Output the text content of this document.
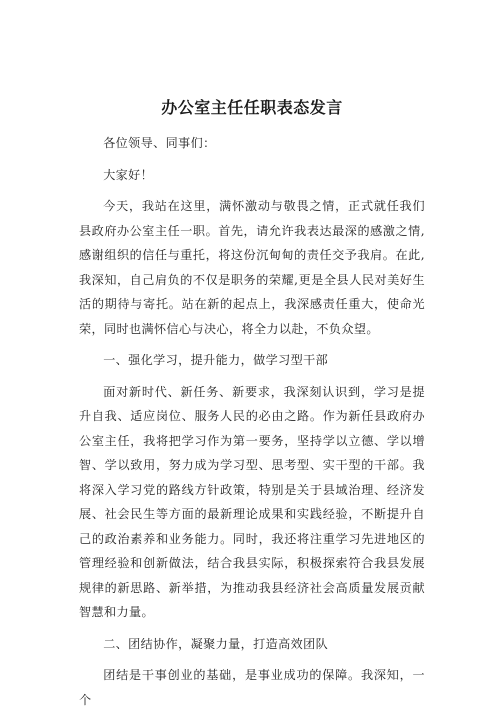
办公室主任任职表态发言

各位领导、同事们：

大家好！

今天，我站在这里，满怀激动与敬畏之情，正式就任我们县政府办公室主任一职。首先，请允许我表达最深的感激之情,感谢组织的信任与重托，将这份沉甸甸的责任交予我肩。在此,我深知，自己肩负的不仅是职务的荣耀,更是全县人民对美好生活的期待与寄托。站在新的起点上，我深感责任重大，使命光荣，同时也满怀信心与决心，将全力以赴，不负众望。

一、强化学习，提升能力，做学习型干部

面对新时代、新任务、新要求，我深刻认识到，学习是提升自我、适应岗位、服务人民的必由之路。作为新任县政府办公室主任，我将把学习作为第一要务，坚持学以立德、学以增智、学以致用，努力成为学习型、思考型、实干型的干部。我将深入学习党的路线方针政策，特别是关于县域治理、经济发展、社会民生等方面的最新理论成果和实践经验，不断提升自己的政治素养和业务能力。同时，我还将注重学习先进地区的管理经验和创新做法，结合我县实际，积极探索符合我县发展规律的新思路、新举措，为推动我县经济社会高质量发展贡献智慧和力量。

二、团结协作，凝聚力量，打造高效团队

团结是干事创业的基础，是事业成功的保障。我深知，一个
